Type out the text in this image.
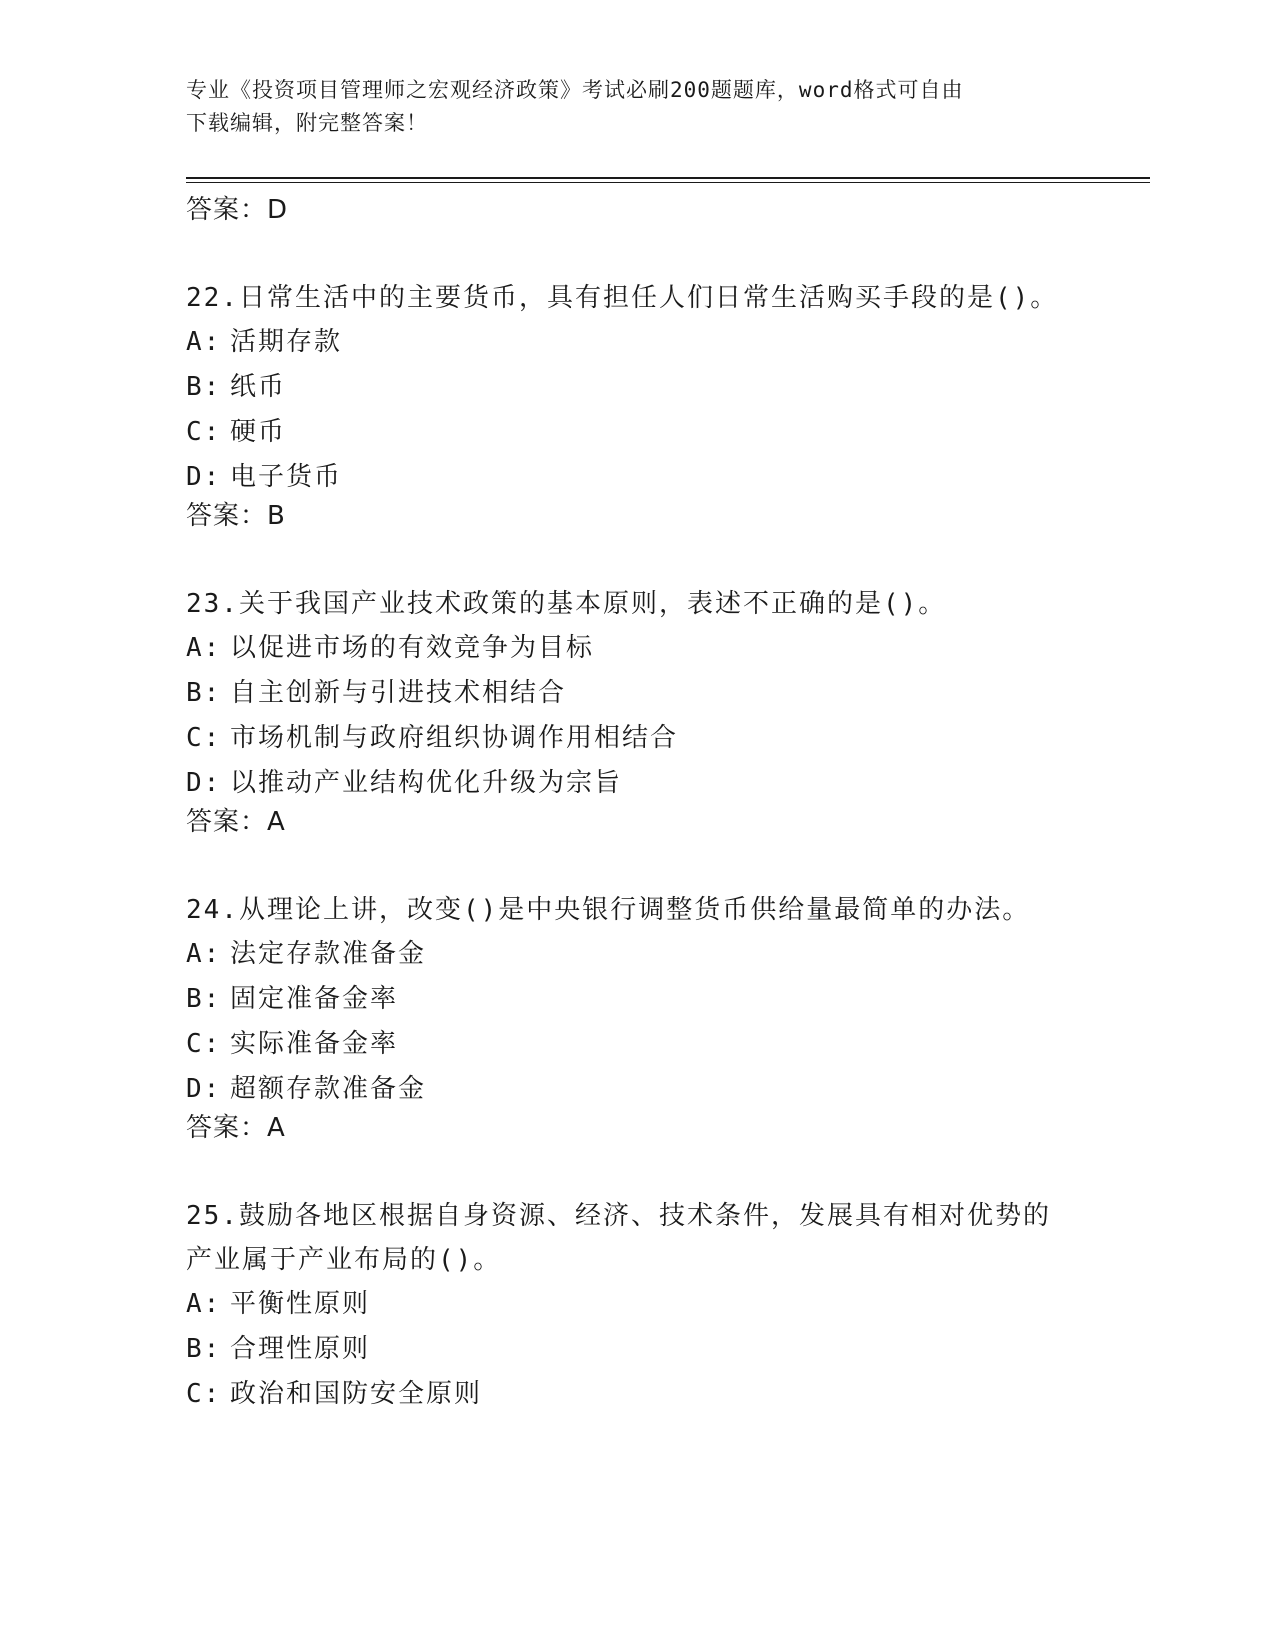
专业《投资项目管理师之宏观经济政策》考试必刷200题题库，word格式可自由
下载编辑，附完整答案！
答案：D
22.日常生活中的主要货币，具有担任人们日常生活购买手段的是()。
A: 活期存款
B: 纸币
C: 硬币
D: 电子货币
答案：B
23.关于我国产业技术政策的基本原则，表述不正确的是()。
A: 以促进市场的有效竞争为目标
B: 自主创新与引进技术相结合
C: 市场机制与政府组织协调作用相结合
D: 以推动产业结构优化升级为宗旨
答案：A
24.从理论上讲，改变()是中央银行调整货币供给量最简单的办法。
A: 法定存款准备金
B: 固定准备金率
C: 实际准备金率
D: 超额存款准备金
答案：A
25.鼓励各地区根据自身资源、经济、技术条件，发展具有相对优势的
产业属于产业布局的()。
A: 平衡性原则
B: 合理性原则
C: 政治和国防安全原则
